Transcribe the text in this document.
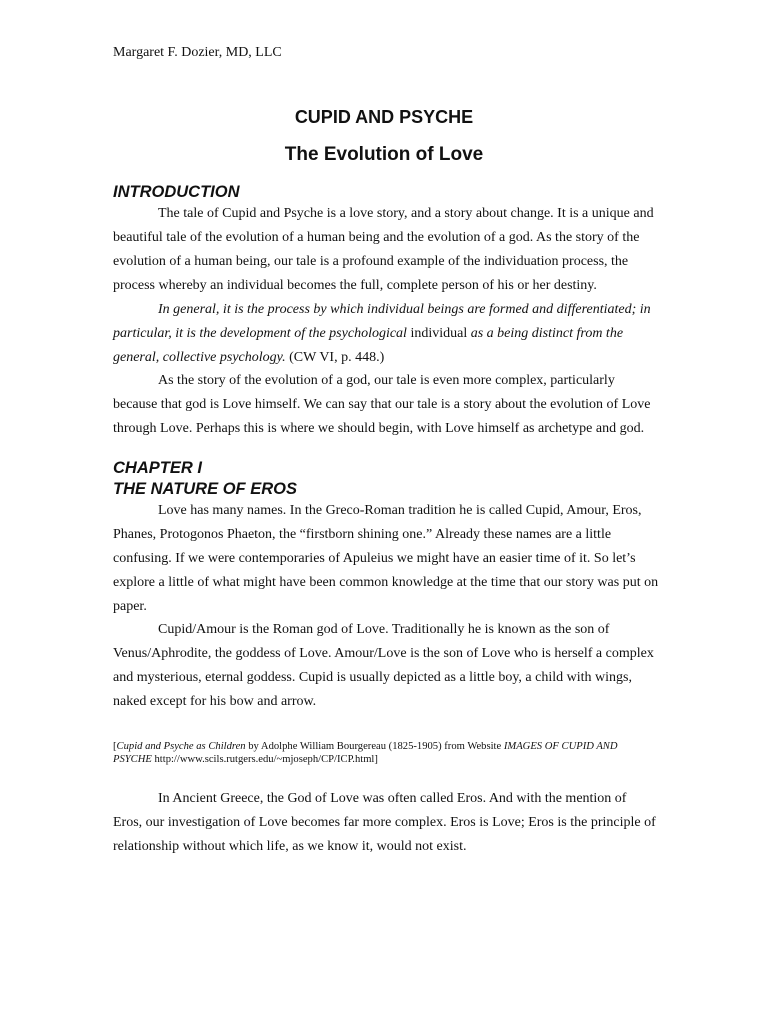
Margaret F. Dozier, MD, LLC
CUPID AND PSYCHE
The Evolution of Love
INTRODUCTION
The tale of Cupid and Psyche is a love story, and a story about change. It is a unique and
beautiful tale of the evolution of a human being and the evolution of a god. As the story of the
evolution of a human being, our tale is a profound example of the individuation process, the
process whereby an individual becomes the full, complete person of his or her destiny.
In general, it is the process by which individual beings are formed and differentiated; in
particular, it is the development of the psychological individual as a being distinct from the
general, collective psychology. (CW VI, p. 448.)
As the story of the evolution of a god, our tale is even more complex, particularly
because that god is Love himself. We can say that our tale is a story about the evolution of Love
through Love. Perhaps this is where we should begin, with Love himself as archetype and god.
CHAPTER I
THE NATURE OF EROS
Love has many names. In the Greco-Roman tradition he is called Cupid, Amour, Eros,
Phanes, Protogonos Phaeton, the “firstborn shining one.” Already these names are a little
confusing. If we were contemporaries of Apuleius we might have an easier time of it. So let’s
explore a little of what might have been common knowledge at the time that our story was put on
paper.
Cupid/Amour is the Roman god of Love. Traditionally he is known as the son of
Venus/Aphrodite, the goddess of Love. Amour/Love is the son of Love who is herself a complex
and mysterious, eternal goddess. Cupid is usually depicted as a little boy, a child with wings,
naked except for his bow and arrow.
[Cupid and Psyche as Children by Adolphe William Bourgereau (1825-1905) from Website IMAGES OF CUPID AND
PSYCHE http://www.scils.rutgers.edu/~mjoseph/CP/ICP.html]
In Ancient Greece, the God of Love was often called Eros. And with the mention of
Eros, our investigation of Love becomes far more complex. Eros is Love; Eros is the principle of
relationship without which life, as we know it, would not exist.
